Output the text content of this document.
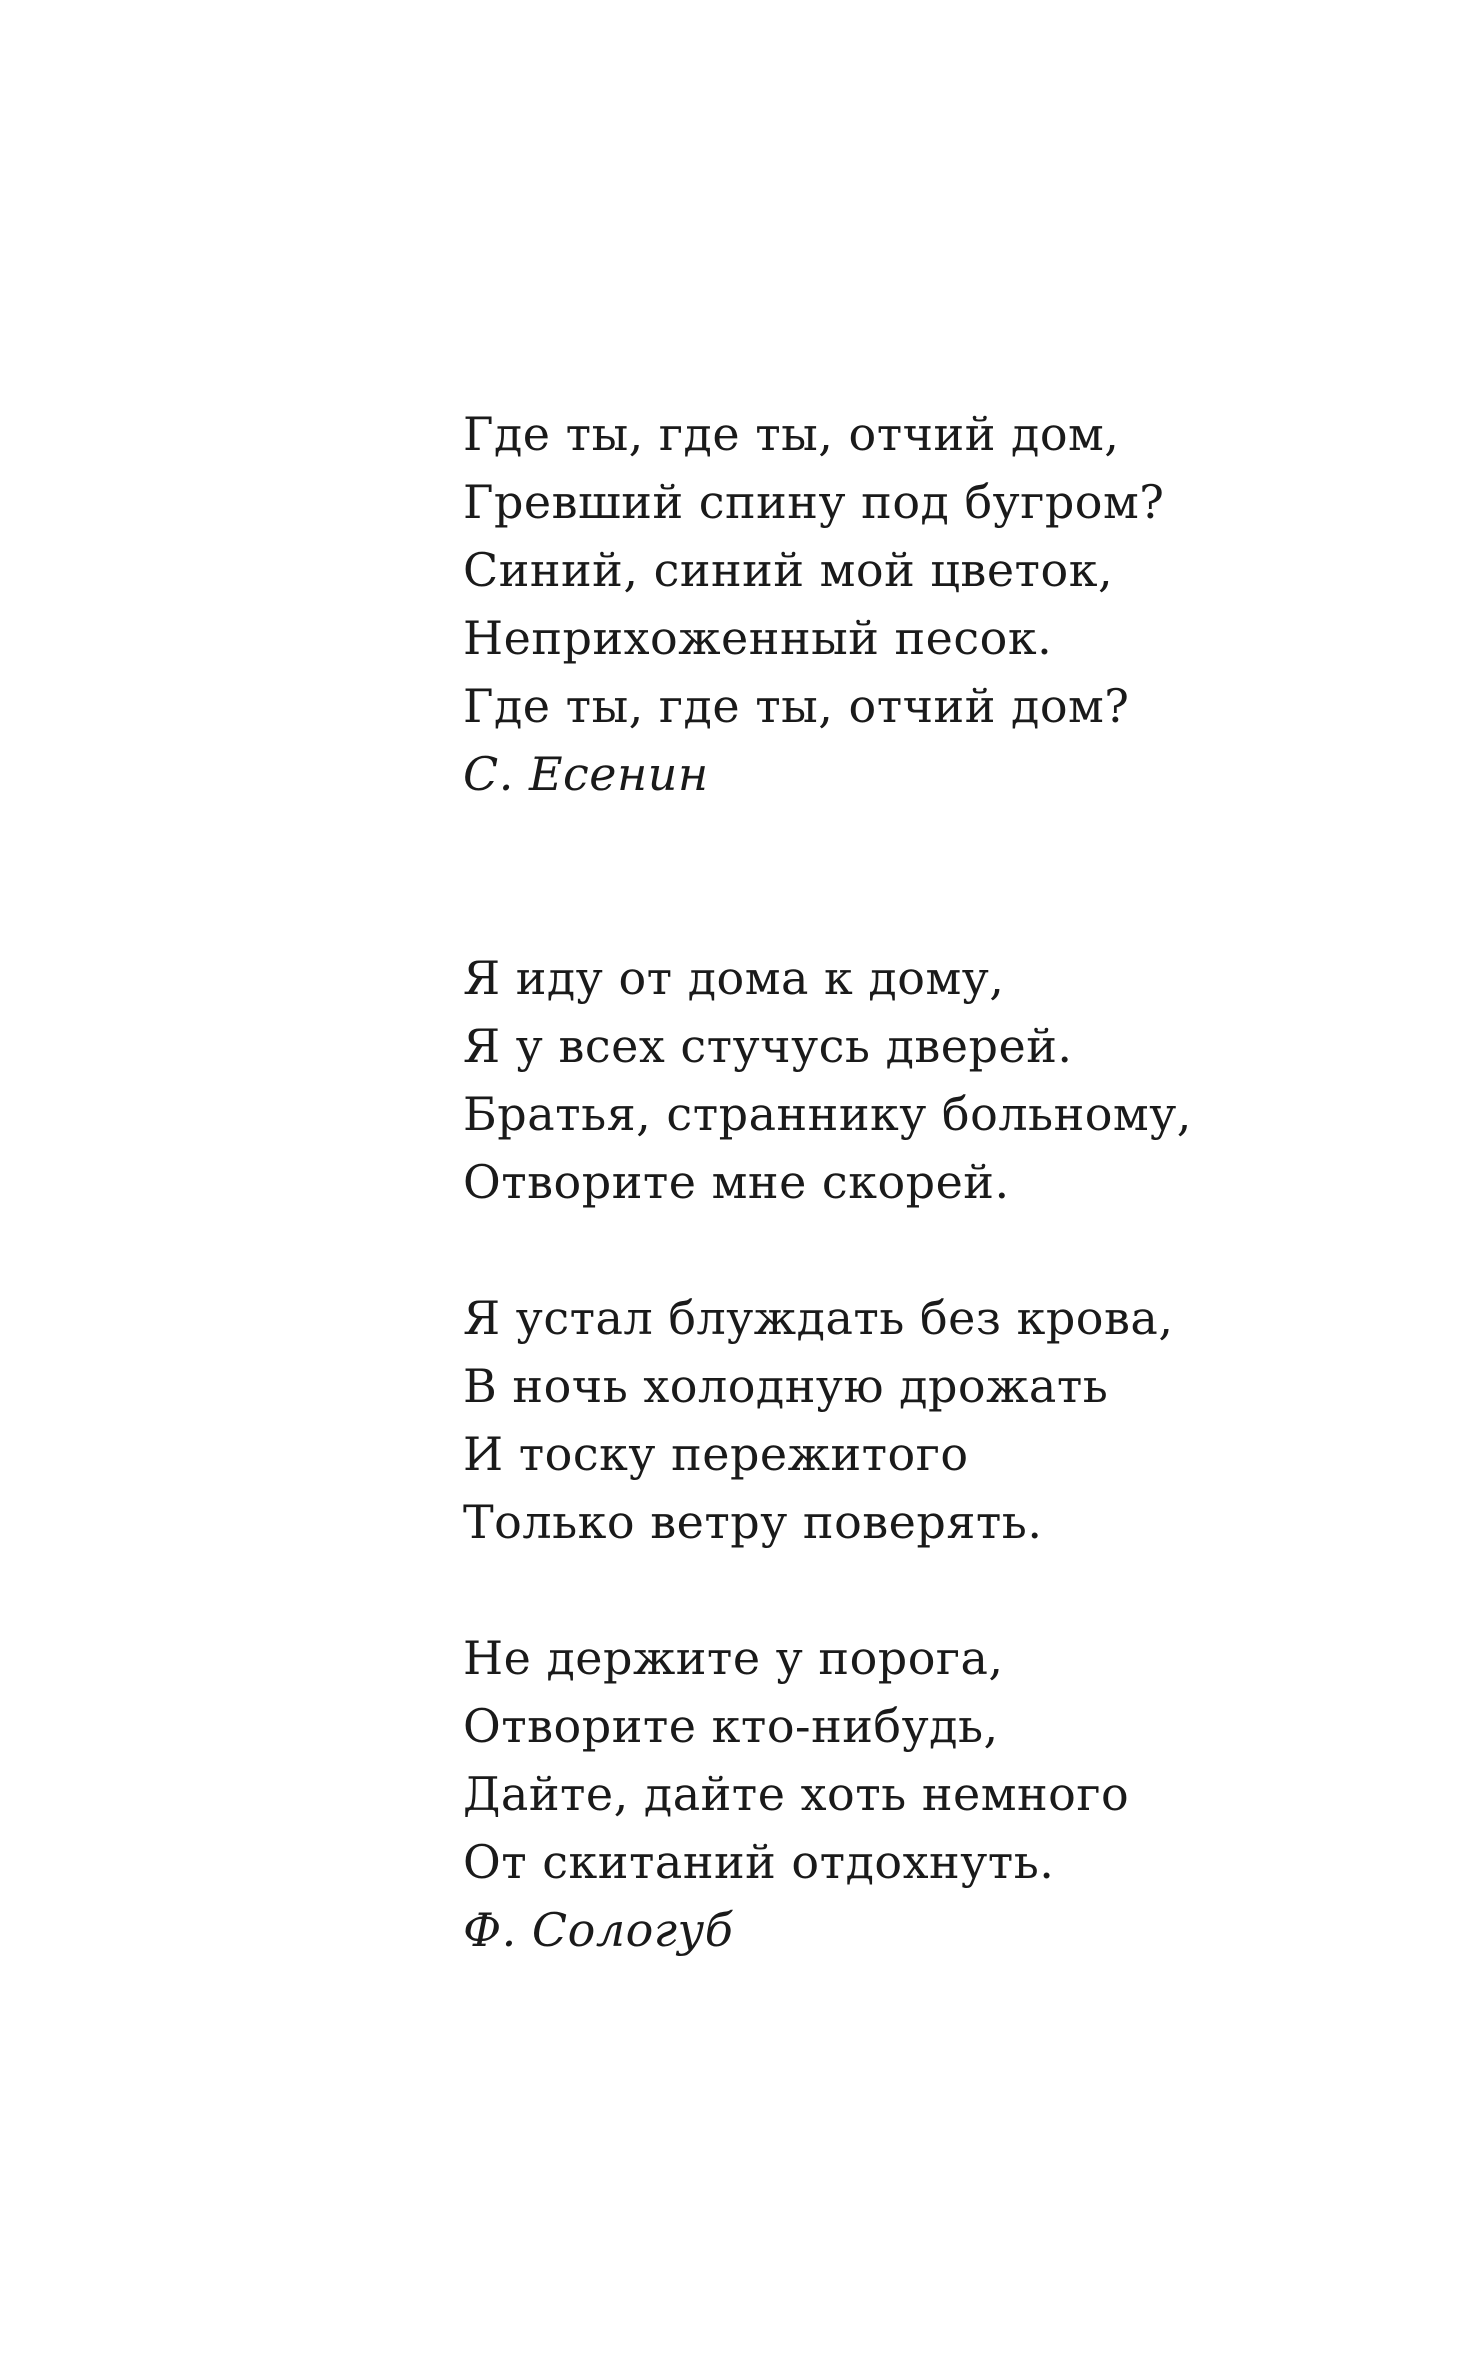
Где ты, где ты, отчий дом,
Гревший спину под бугром?
Синий, синий мой цветок,
Неприхоженный песок.
Где ты, где ты, отчий дом?
С. Есенин
Я иду от дома к дому,
Я у всех стучусь дверей.
Братья, страннику больному,
Отворите мне скорей.
Я устал блуждать без крова,
В ночь холодную дрожать
И тоску пережитого
Только ветру поверять.
Не держите у порога,
Отворите кто-нибудь,
Дайте, дайте хоть немного
От скитаний отдохнуть.
Ф. Сологуб
